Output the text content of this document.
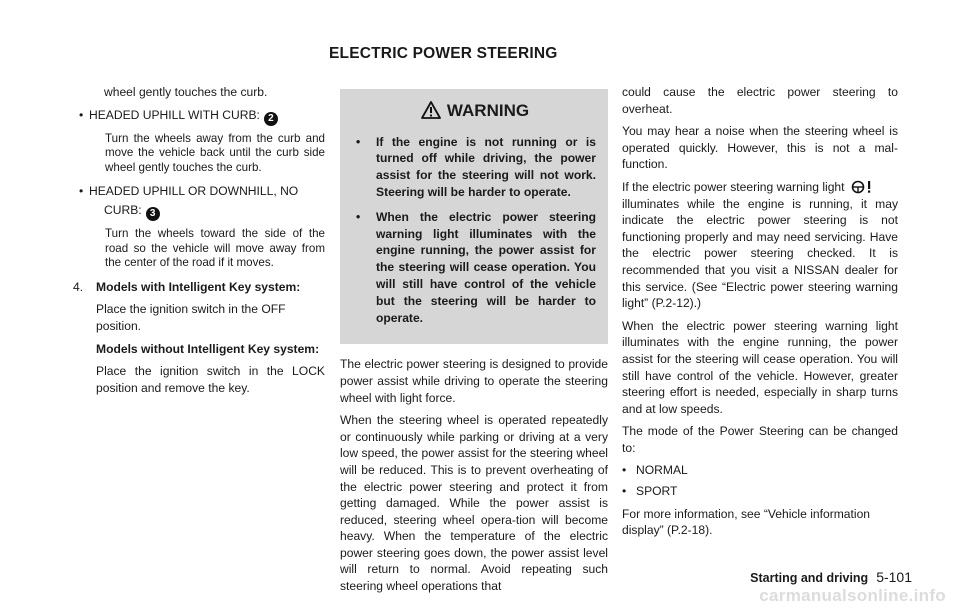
ELECTRIC POWER STEERING

wheel gently touches the curb.

• HEADED UPHILL WITH CURB: 2

Turn the wheels away from the curb and move the vehicle back until the curb side wheel gently touches the curb.

• HEADED UPHILL OR DOWNHILL, NO
CURB: 3

Turn the wheels toward the side of the road so the vehicle will move away from the center of the road if it moves.

4. Models with Intelligent Key system:

Place the ignition switch in the OFF position.

Models without Intelligent Key system:

Place the ignition switch in the LOCK position and remove the key.

WARNING
• If the engine is not running or is turned off while driving, the power assist for the steering will not work. Steering will be harder to operate.
• When the electric power steering warning light illuminates with the engine running, the power assist for the steering will cease operation. You will still have control of the vehicle but the steering will be harder to operate.

The electric power steering is designed to provide power assist while driving to operate the steering wheel with light force.

When the steering wheel is operated repeatedly or continuously while parking or driving at a very low speed, the power assist for the steering wheel will be reduced. This is to prevent overheating of the electric power steering and protect it from getting damaged. While the power assist is reduced, steering wheel opera-tion will become heavy. When the temperature of the electric power steering goes down, the power assist level will return to normal. Avoid repeating such steering wheel operations that

could cause the electric power steering to overheat.

You may hear a noise when the steering wheel is operated quickly. However, this is not a mal-function.

If the electric power steering warning light

illuminates while the engine is running, it may indicate the electric power steering is not functioning properly and may need servicing. Have the electric power steering checked. It is recommended that you visit a NISSAN dealer for this service. (See “Electric power steering warning light” (P.2-12).)

When the electric power steering warning light illuminates with the engine running, the power assist for the steering will cease operation. You will still have control of the vehicle. However, greater steering effort is needed, especially in sharp turns and at low speeds.

The mode of the Power Steering can be changed to:

• NORMAL
• SPORT

For more information, see “Vehicle information display” (P.2-18).

Starting and driving 5-101
carmanualsonline.info
